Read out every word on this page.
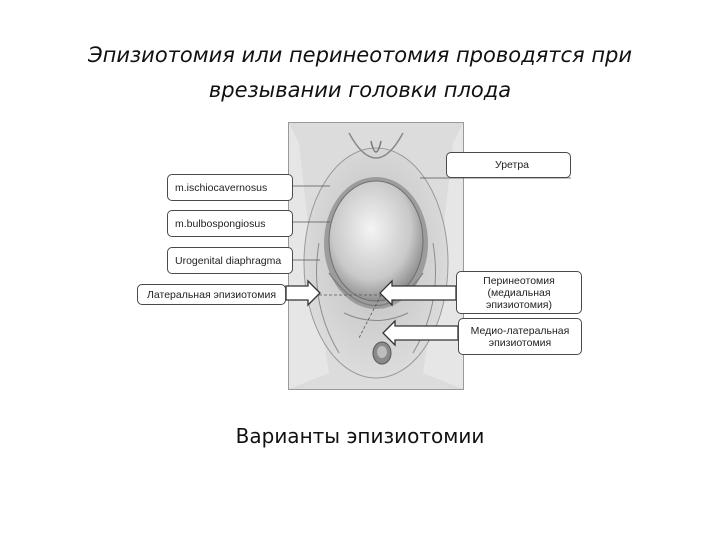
Эпизиотомия или перинеотомия проводятся при
врезывании головки плода
Уретра
m.ischiocavernosus
m.bulbospongiosus
Urogenital diaphragma
Латеральная эпизиотомия
Перинеотомия
(медиальная эпизиотомия)
Медио-латеральная
эпизиотомия
Варианты эпизиотомии
